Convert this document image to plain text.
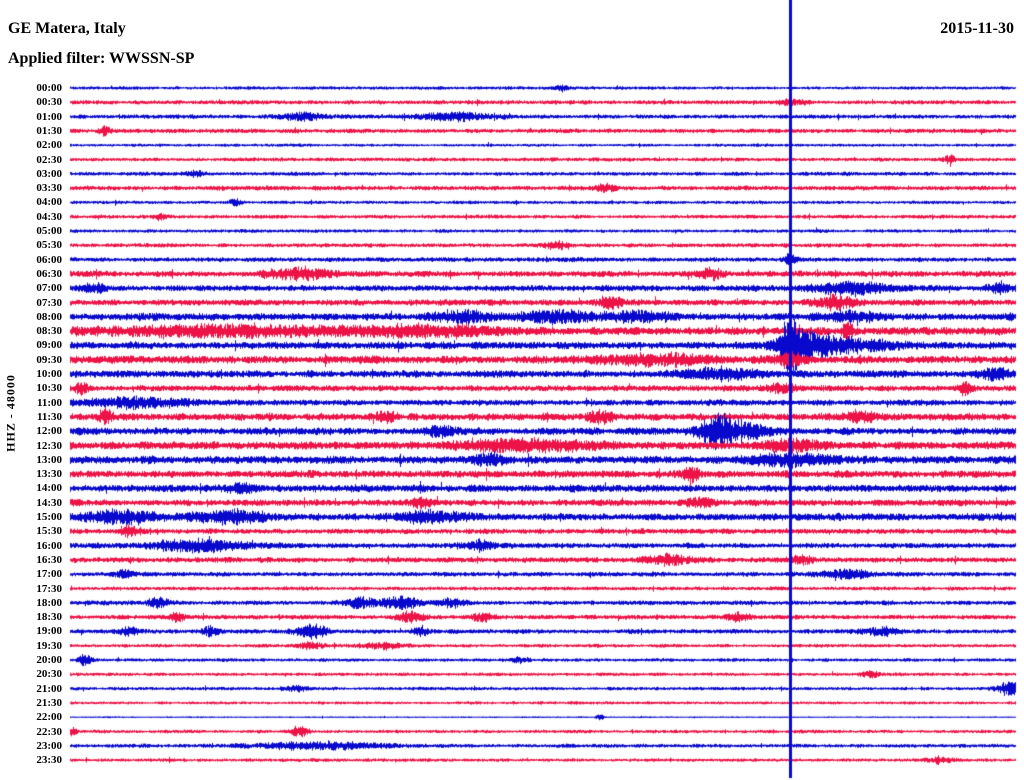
GE Matera, Italy
Applied filter: WWSSN-SP
2015-11-30
HHZ - 48000
00:00
00:30
01:00
01:30
02:00
02:30
03:00
03:30
04:00
04:30
05:00
05:30
06:00
06:30
07:00
07:30
08:00
08:30
09:00
09:30
10:00
10:30
11:00
11:30
12:00
12:30
13:00
13:30
14:00
14:30
15:00
15:30
16:00
16:30
17:00
17:30
18:00
18:30
19:00
19:30
20:00
20:30
21:00
21:30
22:00
22:30
23:00
23:30
